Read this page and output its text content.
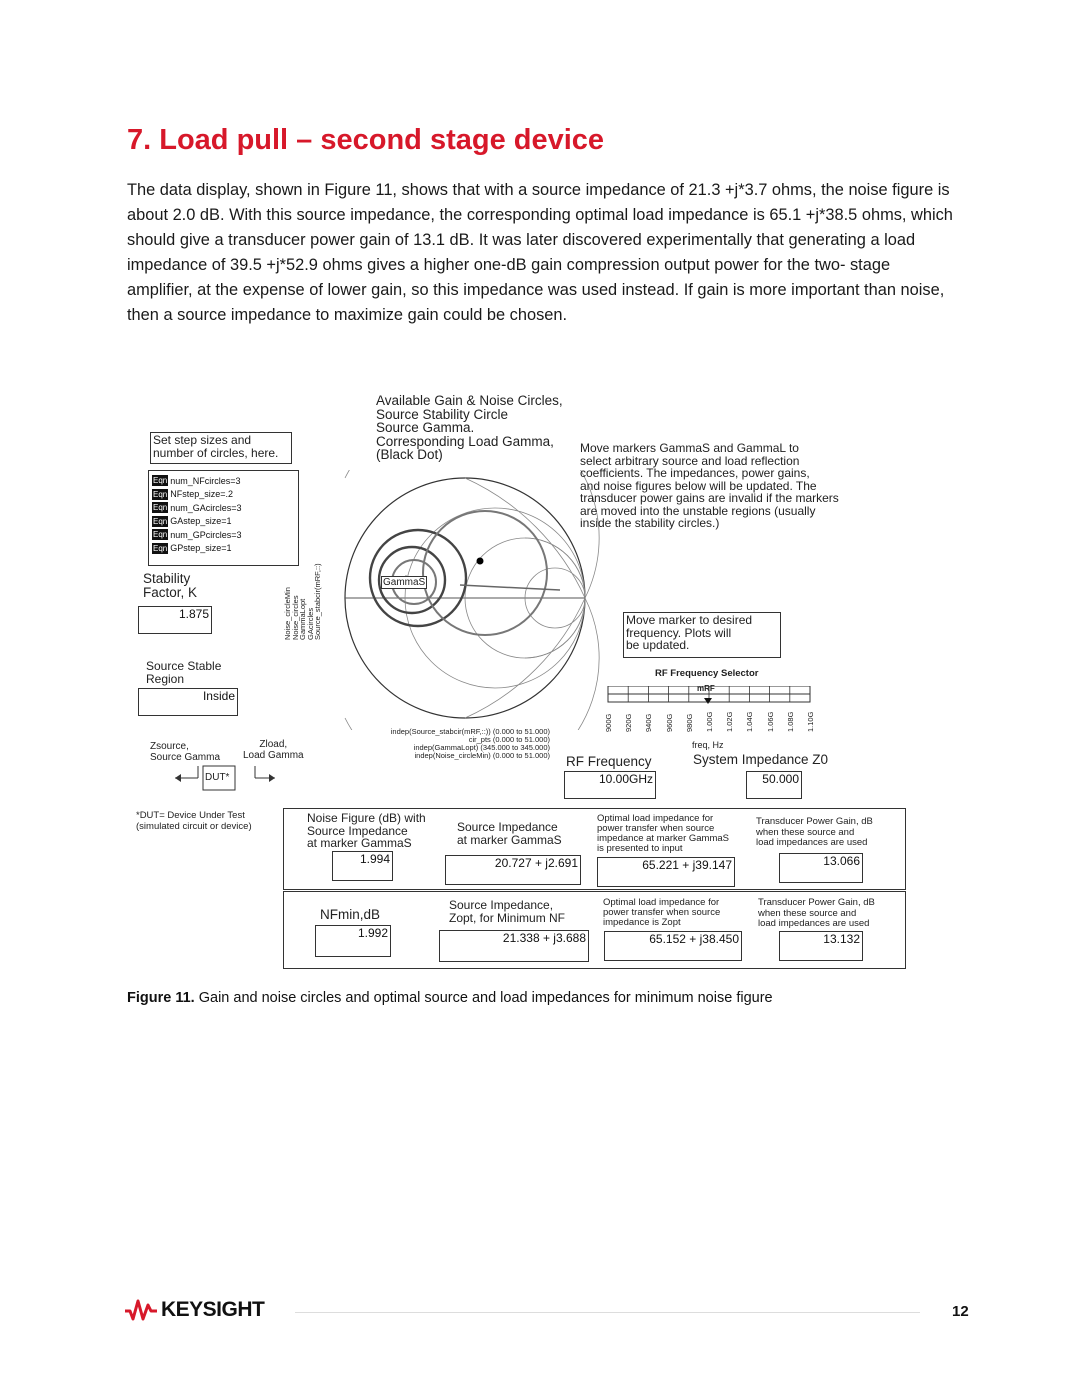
7. Load pull – second stage device
The data display, shown in Figure 11, shows that with a source impedance of 21.3 +j*3.7 ohms, the noise figure is about 2.0 dB. With this source impedance, the corresponding optimal load impedance is 65.1 +j*38.5 ohms, which should give a transducer power gain of 13.1 dB. It was later discovered experimentally that generating a load impedance of 39.5 +j*52.9 ohms gives a higher one-dB gain compression output power for the two- stage amplifier, at the expense of lower gain, so this impedance was used instead. If gain is more important than noise, then a source impedance to maximize gain could be chosen.
GammaS
Available Gain & Noise Circles,
Source Stability Circle
Source Gamma.
Corresponding Load Gamma,
(Black Dot)
Noise_circleMin
Noise_circles
GammaLopt
GAcircles
Source_stabcir(mRF,::)
Set step sizes and
number of circles, here.
Eqn num_NFcircles=3
Eqn NFstep_size=.2
Eqn num_GAcircles=3
Eqn GAstep_size=1
Eqn num_GPcircles=3
Eqn GPstep_size=1
Stability
Factor, K
1.875
Source Stable
Region
Inside
Move markers GammaS and GammaL to
select arbitrary source and load reflection
coefficients. The impedances, power gains,
and noise figures below will be updated. The
transducer power gains are invalid if the markers
are moved into the unstable regions (usually
inside the stability circles.)
indep(Source_stabcir(mRF,::)) (0.000 to 51.000)
cir_pts (0.000 to 51.000)
indep(GammaLopt) (345.000 to 345.000)
indep(Noise_circleMin) (0.000 to 51.000)
Move marker to desired
frequency. Plots will
be updated.
RF Frequency Selector
mRF
900G 920G 940G 960G 980G 1.00G 1.02G 1.04G 1.06G 1.08G 1.10G
freq, Hz
RF Frequency
10.00GHz
System Impedance Z0
50.000
Zsource,
Source Gamma
Zload,
Load Gamma
DUT*
*DUT= Device Under Test
(simulated circuit or device)
Noise Figure (dB) with
Source Impedance
at marker GammaS
1.994
Source Impedance
at marker GammaS
20.727 + j2.691
Optimal load impedance for
power transfer when source
impedance at marker GammaS
is presented to input
65.221 + j39.147
Transducer Power Gain, dB
when these source and
load impedances are used
13.066
NFmin,dB
1.992
Source Impedance,
Zopt, for Minimum NF
21.338 + j3.688
Optimal load impedance for
power transfer when source
impedance is Zopt
65.152 + j38.450
Transducer Power Gain, dB
when these source and
load impedances are used
13.132
Figure 11. Gain and noise circles and optimal source and load impedances for minimum noise figure
KEYSIGHT	12
